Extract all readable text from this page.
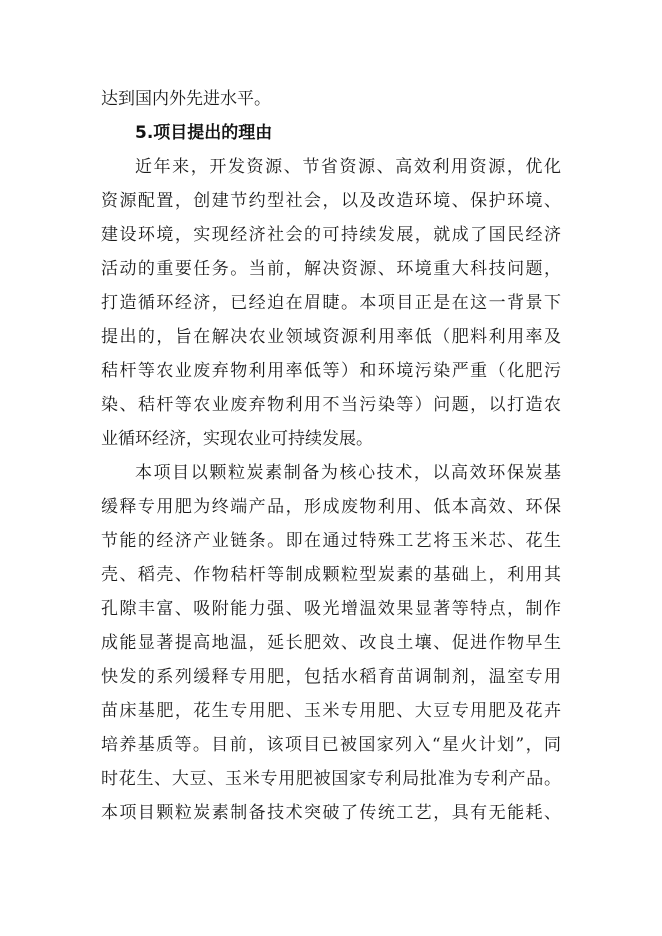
达到国内外先进水平。
5.项目提出的理由
近年来，开发资源、节省资源、高效利用资源，优化
资源配置，创建节约型社会，以及改造环境、保护环境、
建设环境，实现经济社会的可持续发展，就成了国民经济
活动的重要任务。当前，解决资源、环境重大科技问题，
打造循环经济，已经迫在眉睫。本项目正是在这一背景下
提出的，旨在解决农业领域资源利用率低（肥料利用率及
秸杆等农业废弃物利用率低等）和环境污染严重（化肥污
染、秸杆等农业废弃物利用不当污染等）问题，以打造农
业循环经济，实现农业可持续发展。
本项目以颗粒炭素制备为核心技术，以高效环保炭基
缓释专用肥为终端产品，形成废物利用、低本高效、环保
节能的经济产业链条。即在通过特殊工艺将玉米芯、花生
壳、稻壳、作物秸杆等制成颗粒型炭素的基础上，利用其
孔隙丰富、吸附能力强、吸光增温效果显著等特点，制作
成能显著提高地温，延长肥效、改良土壤、促进作物早生
快发的系列缓释专用肥，包括水稻育苗调制剂，温室专用
苗床基肥，花生专用肥、玉米专用肥、大豆专用肥及花卉
培养基质等。目前，该项目已被国家列入“星火计划”，同
时花生、大豆、玉米专用肥被国家专利局批准为专利产品。
本项目颗粒炭素制备技术突破了传统工艺，具有无能耗、
